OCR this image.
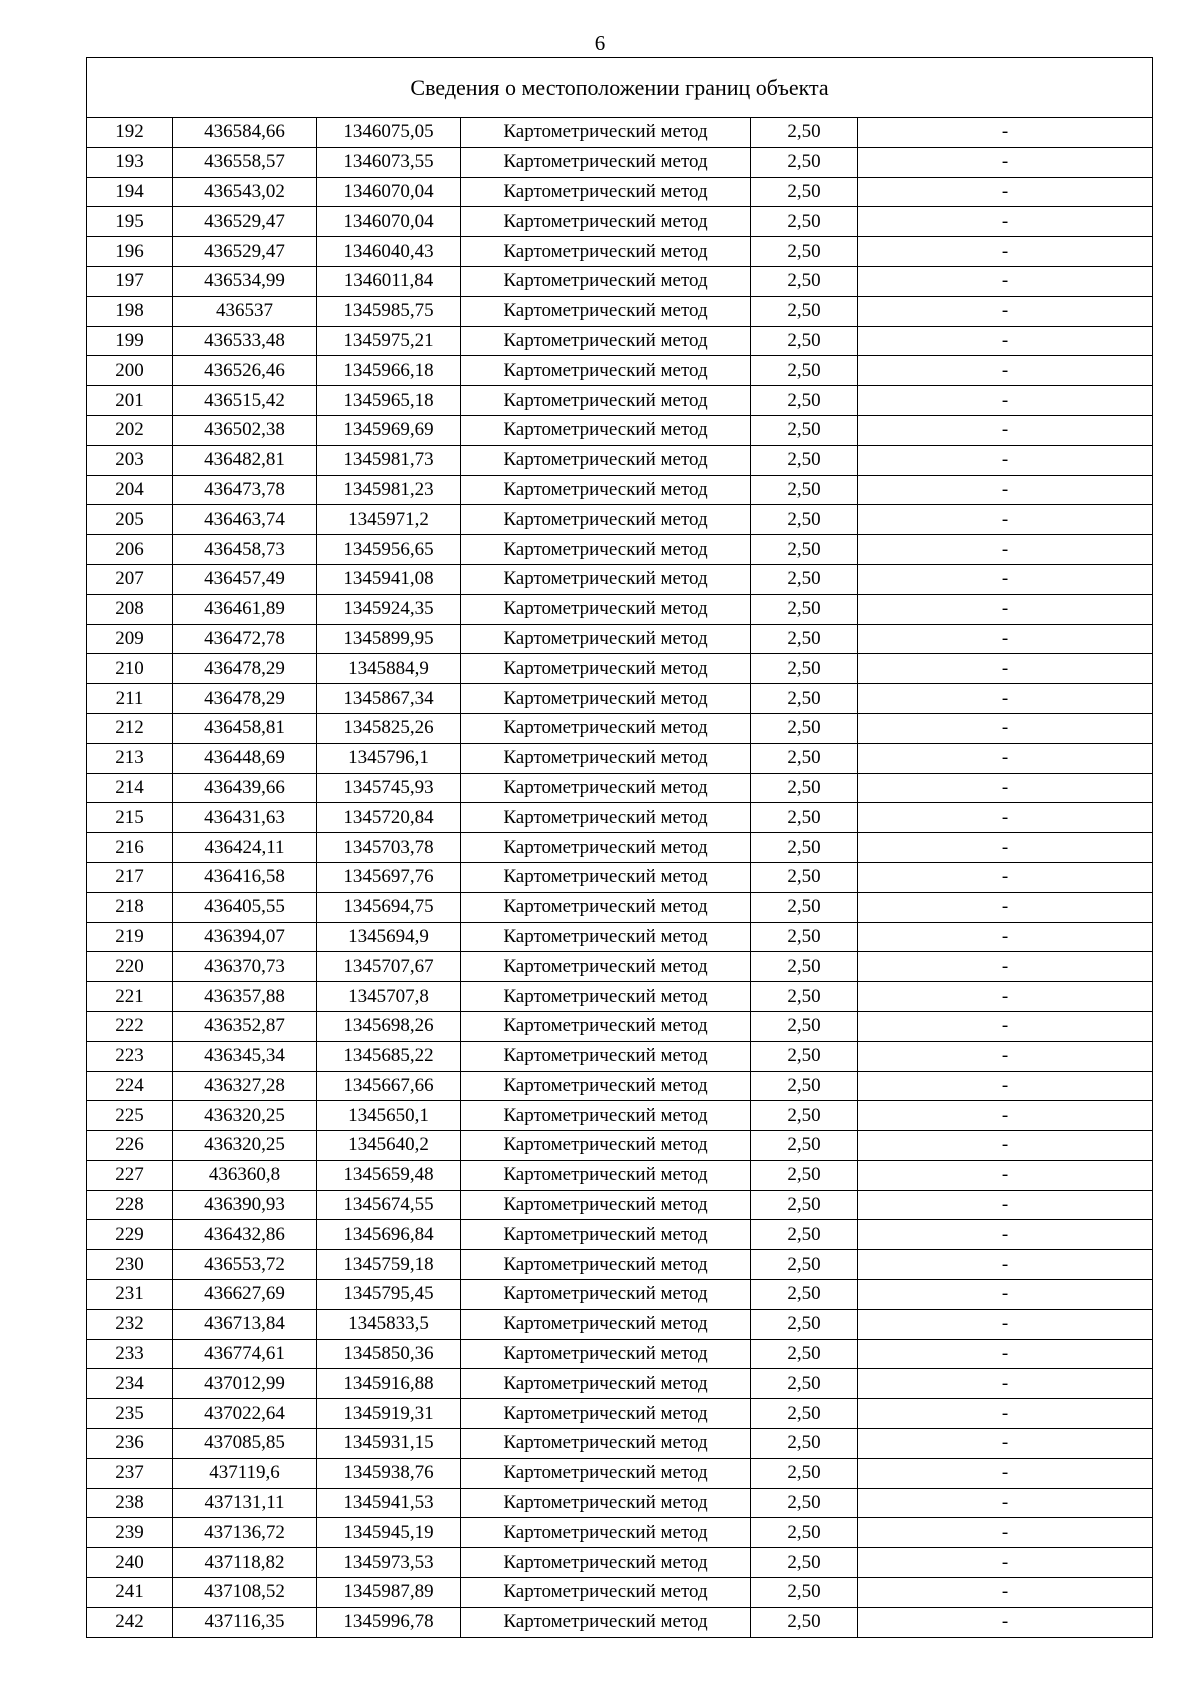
6
Сведения о местоположении границ объекта					
192	436584,66	1346075,05	Картометрический метод	2,50	-
193	436558,57	1346073,55	Картометрический метод	2,50	-
194	436543,02	1346070,04	Картометрический метод	2,50	-
195	436529,47	1346070,04	Картометрический метод	2,50	-
196	436529,47	1346040,43	Картометрический метод	2,50	-
197	436534,99	1346011,84	Картометрический метод	2,50	-
198	436537	1345985,75	Картометрический метод	2,50	-
199	436533,48	1345975,21	Картометрический метод	2,50	-
200	436526,46	1345966,18	Картометрический метод	2,50	-
201	436515,42	1345965,18	Картометрический метод	2,50	-
202	436502,38	1345969,69	Картометрический метод	2,50	-
203	436482,81	1345981,73	Картометрический метод	2,50	-
204	436473,78	1345981,23	Картометрический метод	2,50	-
205	436463,74	1345971,2	Картометрический метод	2,50	-
206	436458,73	1345956,65	Картометрический метод	2,50	-
207	436457,49	1345941,08	Картометрический метод	2,50	-
208	436461,89	1345924,35	Картометрический метод	2,50	-
209	436472,78	1345899,95	Картометрический метод	2,50	-
210	436478,29	1345884,9	Картометрический метод	2,50	-
211	436478,29	1345867,34	Картометрический метод	2,50	-
212	436458,81	1345825,26	Картометрический метод	2,50	-
213	436448,69	1345796,1	Картометрический метод	2,50	-
214	436439,66	1345745,93	Картометрический метод	2,50	-
215	436431,63	1345720,84	Картометрический метод	2,50	-
216	436424,11	1345703,78	Картометрический метод	2,50	-
217	436416,58	1345697,76	Картометрический метод	2,50	-
218	436405,55	1345694,75	Картометрический метод	2,50	-
219	436394,07	1345694,9	Картометрический метод	2,50	-
220	436370,73	1345707,67	Картометрический метод	2,50	-
221	436357,88	1345707,8	Картометрический метод	2,50	-
222	436352,87	1345698,26	Картометрический метод	2,50	-
223	436345,34	1345685,22	Картометрический метод	2,50	-
224	436327,28	1345667,66	Картометрический метод	2,50	-
225	436320,25	1345650,1	Картометрический метод	2,50	-
226	436320,25	1345640,2	Картометрический метод	2,50	-
227	436360,8	1345659,48	Картометрический метод	2,50	-
228	436390,93	1345674,55	Картометрический метод	2,50	-
229	436432,86	1345696,84	Картометрический метод	2,50	-
230	436553,72	1345759,18	Картометрический метод	2,50	-
231	436627,69	1345795,45	Картометрический метод	2,50	-
232	436713,84	1345833,5	Картометрический метод	2,50	-
233	436774,61	1345850,36	Картометрический метод	2,50	-
234	437012,99	1345916,88	Картометрический метод	2,50	-
235	437022,64	1345919,31	Картометрический метод	2,50	-
236	437085,85	1345931,15	Картометрический метод	2,50	-
237	437119,6	1345938,76	Картометрический метод	2,50	-
238	437131,11	1345941,53	Картометрический метод	2,50	-
239	437136,72	1345945,19	Картометрический метод	2,50	-
240	437118,82	1345973,53	Картометрический метод	2,50	-
241	437108,52	1345987,89	Картометрический метод	2,50	-
242	437116,35	1345996,78	Картометрический метод	2,50	-
